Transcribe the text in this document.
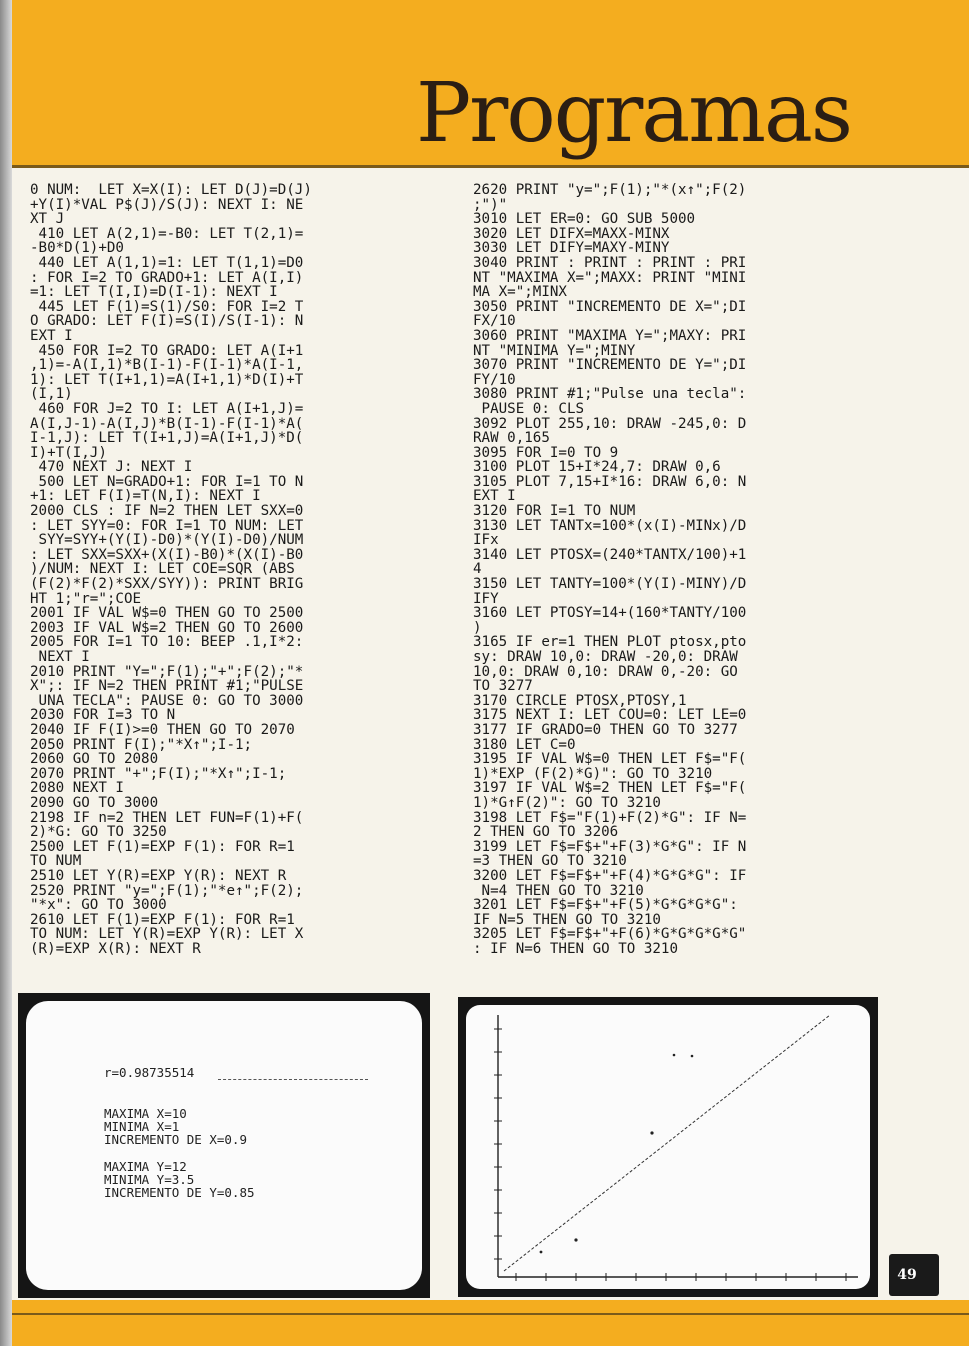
Programas
0 NUM:  LET X=X(I): LET D(J)=D(J)
+Y(I)*VAL P$(J)/S(J): NEXT I: NE
XT J
410 LET A(2,1)=-B0: LET T(2,1)=
-B0*D(1)+D0
440 LET A(1,1)=1: LET T(1,1)=D0
: FOR I=2 TO GRADO+1: LET A(I,I)
=1: LET T(I,I)=D(I-1): NEXT I
445 LET F(1)=S(1)/S0: FOR I=2 T
O GRADO: LET F(I)=S(I)/S(I-1): N
EXT I
450 FOR I=2 TO GRADO: LET A(I+1
,1)=-A(I,1)*B(I-1)-F(I-1)*A(I-1,
1): LET T(I+1,1)=A(I+1,1)*D(I)+T
(I,1)
460 FOR J=2 TO I: LET A(I+1,J)=
A(I,J-1)-A(I,J)*B(I-1)-F(I-1)*A(
I-1,J): LET T(I+1,J)=A(I+1,J)*D(
I)+T(I,J)
470 NEXT J: NEXT I
500 LET N=GRADO+1: FOR I=1 TO N
+1: LET F(I)=T(N,I): NEXT I
2000 CLS : IF N=2 THEN LET SXX=0
: LET SYY=0: FOR I=1 TO NUM: LET
SYY=SYY+(Y(I)-D0)*(Y(I)-D0)/NUM
: LET SXX=SXX+(X(I)-B0)*(X(I)-B0
)/NUM: NEXT I: LET COE=SQR (ABS
(F(2)*F(2)*SXX/SYY)): PRINT BRIG
HT 1;"r=";COE
2001 IF VAL W$=0 THEN GO TO 2500
2003 IF VAL W$=2 THEN GO TO 2600
2005 FOR I=1 TO 10: BEEP .1,I*2:
NEXT I
2010 PRINT "Y=";F(1);"+";F(2);"*
X";: IF N=2 THEN PRINT #1;"PULSE
UNA TECLA": PAUSE 0: GO TO 3000
2030 FOR I=3 TO N
2040 IF F(I)>=0 THEN GO TO 2070
2050 PRINT F(I);"*X↑";I-1;
2060 GO TO 2080
2070 PRINT "+";F(I);"*X↑";I-1;
2080 NEXT I
2090 GO TO 3000
2198 IF n=2 THEN LET FUN=F(1)+F(
2)*G: GO TO 3250
2500 LET F(1)=EXP F(1): FOR R=1
TO NUM
2510 LET Y(R)=EXP Y(R): NEXT R
2520 PRINT "y=";F(1);"*e↑";F(2);
"*x": GO TO 3000
2610 LET F(1)=EXP F(1): FOR R=1
TO NUM: LET Y(R)=EXP Y(R): LET X
(R)=EXP X(R): NEXT R
2620 PRINT "y=";F(1);"*(x↑";F(2)
;")"
3010 LET ER=0: GO SUB 5000
3020 LET DIFX=MAXX-MINX
3030 LET DIFY=MAXY-MINY
3040 PRINT : PRINT : PRINT : PRI
NT "MAXIMA X=";MAXX: PRINT "MINI
MA X=";MINX
3050 PRINT "INCREMENTO DE X=";DI
FX/10
3060 PRINT "MAXIMA Y=";MAXY: PRI
NT "MINIMA Y=";MINY
3070 PRINT "INCREMENTO DE Y=";DI
FY/10
3080 PRINT #1;"Pulse una tecla":
PAUSE 0: CLS
3092 PLOT 255,10: DRAW -245,0: D
RAW 0,165
3095 FOR I=0 TO 9
3100 PLOT 15+I*24,7: DRAW 0,6
3105 PLOT 7,15+I*16: DRAW 6,0: N
EXT I
3120 FOR I=1 TO NUM
3130 LET TANTx=100*(x(I)-MINx)/D
IFx
3140 LET PTOSX=(240*TANTX/100)+1
4
3150 LET TANTY=100*(Y(I)-MINY)/D
IFY
3160 LET PTOSY=14+(160*TANTY/100
)
3165 IF er=1 THEN PLOT ptosx,pto
sy: DRAW 10,0: DRAW -20,0: DRAW
10,0: DRAW 0,10: DRAW 0,-20: GO
TO 3277
3170 CIRCLE PTOSX,PTOSY,1
3175 NEXT I: LET COU=0: LET LE=0
3177 IF GRADO=0 THEN GO TO 3277
3180 LET C=0
3195 IF VAL W$=0 THEN LET F$="F(
1)*EXP (F(2)*G)": GO TO 3210
3197 IF VAL W$=2 THEN LET F$="F(
1)*G↑F(2)": GO TO 3210
3198 LET F$="F(1)+F(2)*G": IF N=
2 THEN GO TO 3206
3199 LET F$=F$+"+F(3)*G*G": IF N
=3 THEN GO TO 3210
3200 LET F$=F$+"+F(4)*G*G*G": IF
N=4 THEN GO TO 3210
3201 LET F$=F$+"+F(5)*G*G*G*G":
IF N=5 THEN GO TO 3210
3205 LET F$=F$+"+F(6)*G*G*G*G*G"
: IF N=6 THEN GO TO 3210
r=0.98735514
MAXIMA X=10
MINIMA X=1
INCREMENTO DE X=0.9
MAXIMA Y=12
MINIMA Y=3.5
INCREMENTO DE Y=0.85
49
